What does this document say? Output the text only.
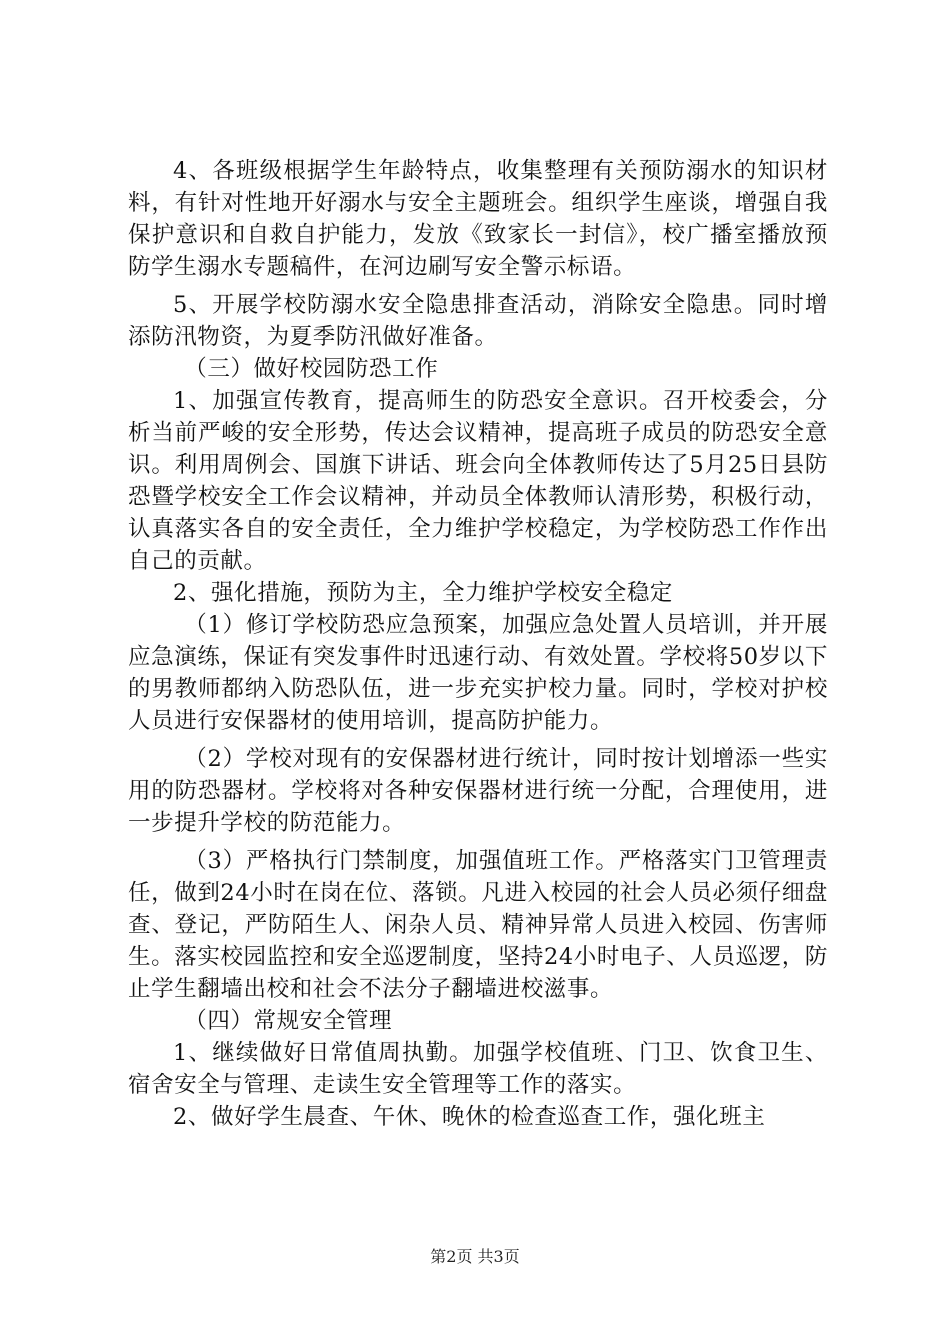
4、各班级根据学生年龄特点，收集整理有关预防溺水的知识材料，有针对性地开好溺水与安全主题班会。组织学生座谈，增强自我保护意识和自救自护能力，发放《致家长一封信》，校广播室播放预防学生溺水专题稿件，在河边刷写安全警示标语。

5、开展学校防溺水安全隐患排查活动，消除安全隐患。同时增添防汛物资，为夏季防汛做好准备。

（三）做好校园防恐工作

1、加强宣传教育，提高师生的防恐安全意识。召开校委会，分析当前严峻的安全形势，传达会议精神，提高班子成员的防恐安全意识。利用周例会、国旗下讲话、班会向全体教师传达了5月25日县防恐暨学校安全工作会议精神，并动员全体教师认清形势，积极行动，认真落实各自的安全责任，全力维护学校稳定，为学校防恐工作作出自己的贡献。

2、强化措施，预防为主，全力维护学校安全稳定

（1）修订学校防恐应急预案，加强应急处置人员培训，并开展应急演练，保证有突发事件时迅速行动、有效处置。学校将50岁以下的男教师都纳入防恐队伍，进一步充实护校力量。同时，学校对护校人员进行安保器材的使用培训，提高防护能力。

（2）学校对现有的安保器材进行统计，同时按计划增添一些实用的防恐器材。学校将对各种安保器材进行统一分配，合理使用，进一步提升学校的防范能力。

（3）严格执行门禁制度，加强值班工作。严格落实门卫管理责任，做到24小时在岗在位、落锁。凡进入校园的社会人员必须仔细盘查、登记，严防陌生人、闲杂人员、精神异常人员进入校园、伤害师生。落实校园监控和安全巡逻制度，坚持24小时电子、人员巡逻，防止学生翻墙出校和社会不法分子翻墙进校滋事。

（四）常规安全管理

1、继续做好日常值周执勤。加强学校值班、门卫、饮食卫生、宿舍安全与管理、走读生安全管理等工作的落实。

2、做好学生晨查、午休、晚休的检查巡查工作，强化班主

第2页 共3页
